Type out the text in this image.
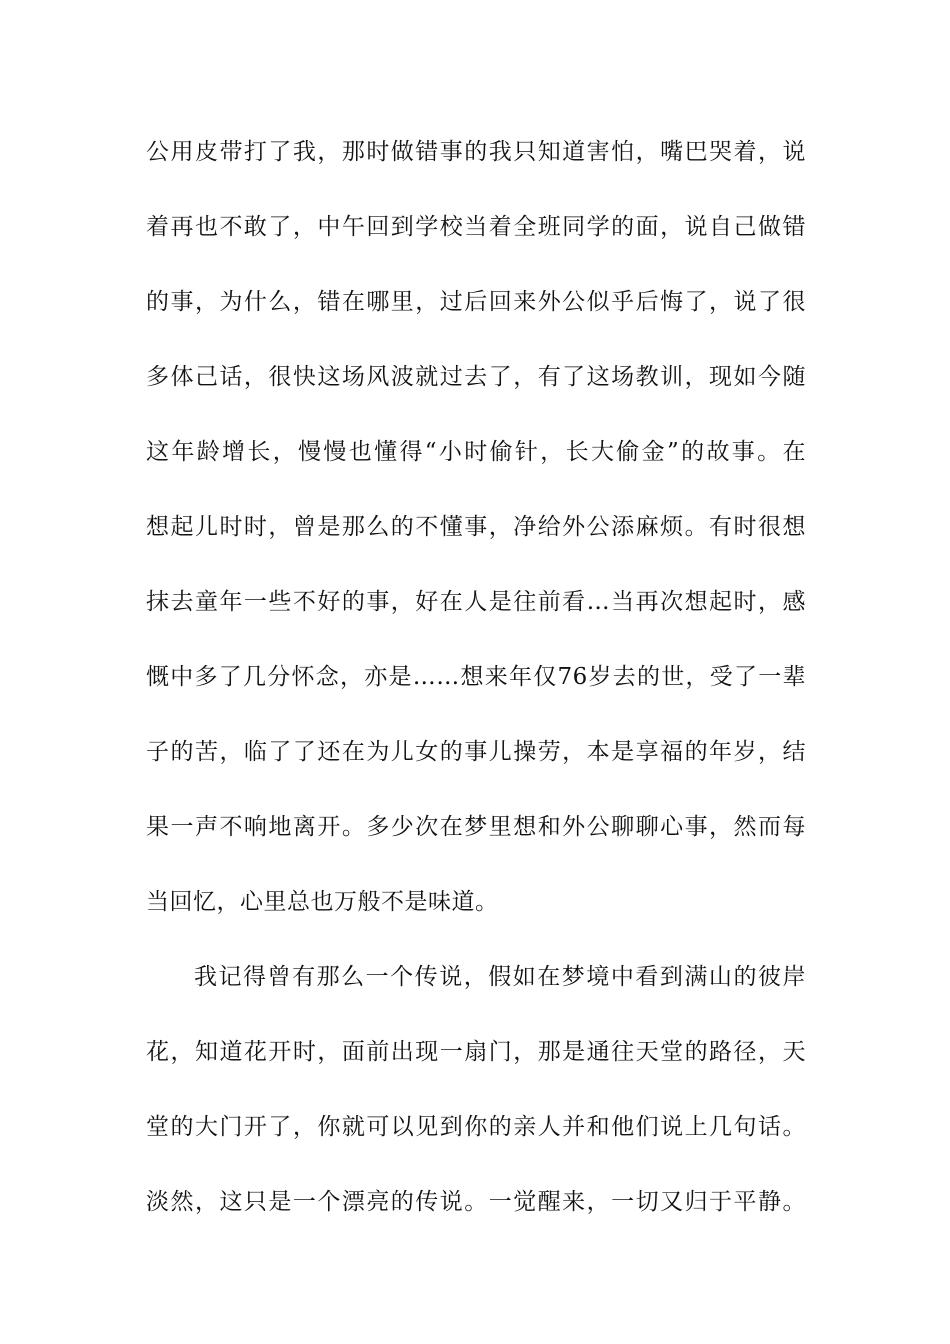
公用皮带打了我，那时做错事的我只知道害怕，嘴巴哭着，说
着再也不敢了，中午回到学校当着全班同学的面，说自己做错
的事，为什么，错在哪里，过后回来外公似乎后悔了，说了很
多体己话，很快这场风波就过去了，有了这场教训，现如今随
这年龄增长，慢慢也懂得“小时偷针，长大偷金”的故事。在
想起儿时时，曾是那么的不懂事，净给外公添麻烦。有时很想
抹去童年一些不好的事，好在人是往前看…当再次想起时，感
慨中多了几分怀念，亦是……想来年仅76岁去的世，受了一辈
子的苦，临了了还在为儿女的事儿操劳，本是享福的年岁，结
果一声不响地离开。多少次在梦里想和外公聊聊心事，然而每
当回忆，心里总也万般不是味道。
我记得曾有那么一个传说，假如在梦境中看到满山的彼岸
花，知道花开时，面前出现一扇门，那是通往天堂的路径，天
堂的大门开了，你就可以见到你的亲人并和他们说上几句话。
淡然，这只是一个漂亮的传说。一觉醒来，一切又归于平静。
